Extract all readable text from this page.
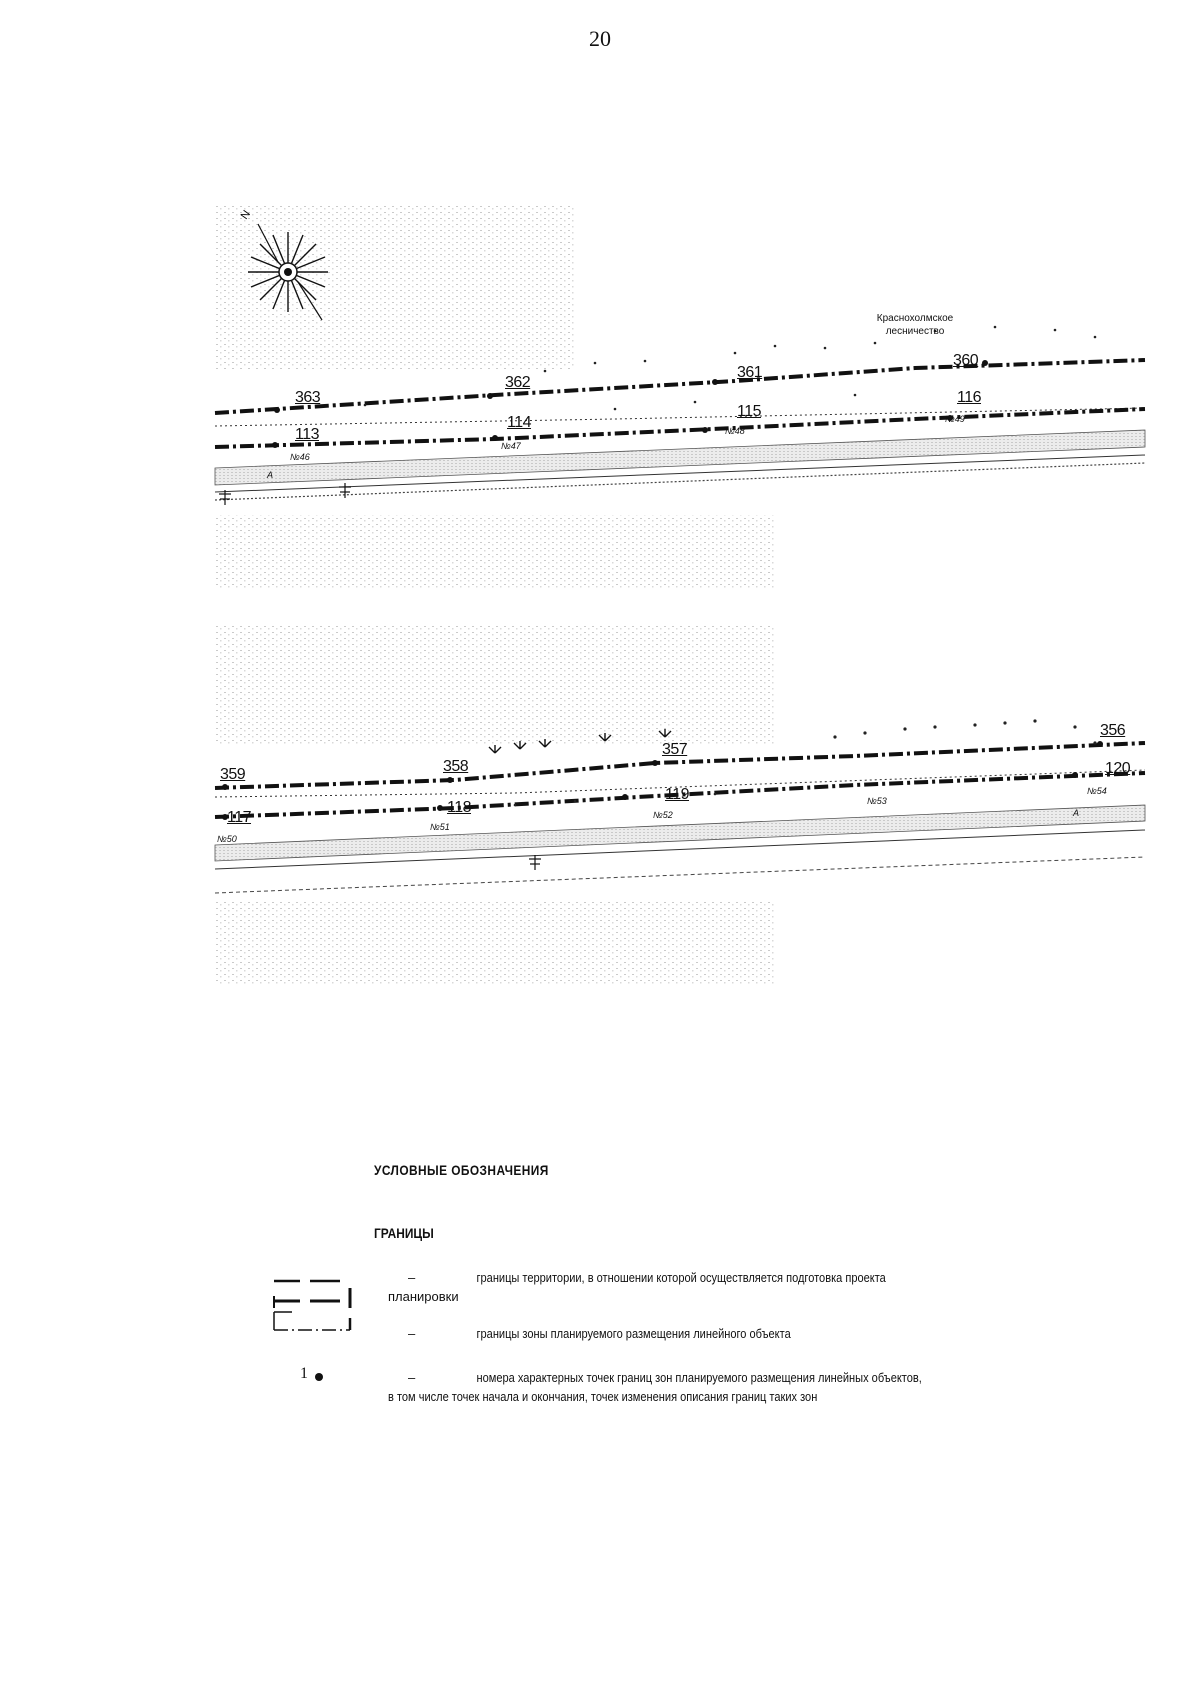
20
N
363
362
361
360
113
114
115
116
№46
№47
№48
№49
А
Краснохолмское лесничество
359	358
357
356
117
118
119
120
№50
№51
№52
№53
№54
А
УСЛОВНЫЕ ОБОЗНАЧЕНИЯ
ГРАНИЦЫ
–	границы территории, в отношении которой осуществляется подготовка проекта
планировки
–	границы зоны планируемого размещения линейного объекта
1	–	номера характерных точек границ зон планируемого размещения линейных объектов,
в том числе точек начала и окончания, точек изменения описания границ таких зон
